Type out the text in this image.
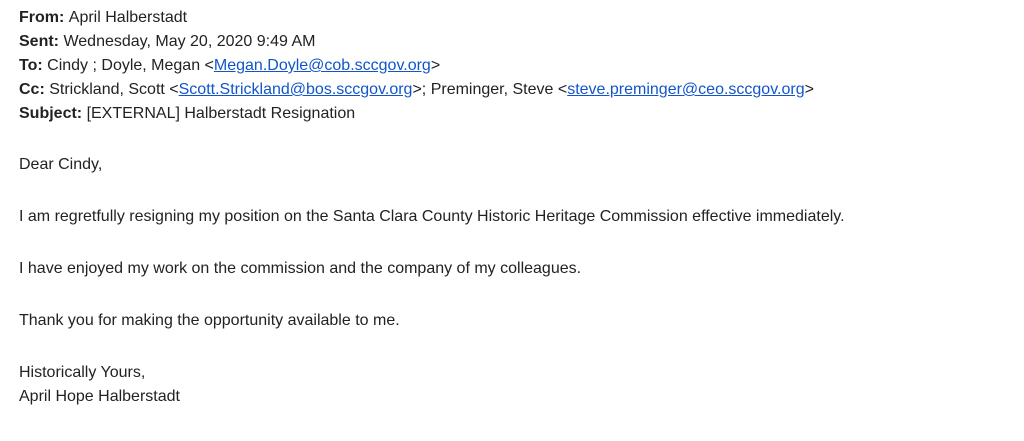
From: April Halberstadt
Sent: Wednesday, May 20, 2020 9:49 AM
To: Cindy ; Doyle, Megan <Megan.Doyle@cob.sccgov.org>
Cc: Strickland, Scott <Scott.Strickland@bos.sccgov.org>; Preminger, Steve <steve.preminger@ceo.sccgov.org>
Subject: [EXTERNAL] Halberstadt Resignation

Dear Cindy,

I am regretfully resigning my position on the Santa Clara County Historic Heritage Commission effective immediately.

I have enjoyed my work on the commission and the company of my colleagues.

Thank you for making the opportunity available to me.

Historically Yours,

April Hope Halberstadt
